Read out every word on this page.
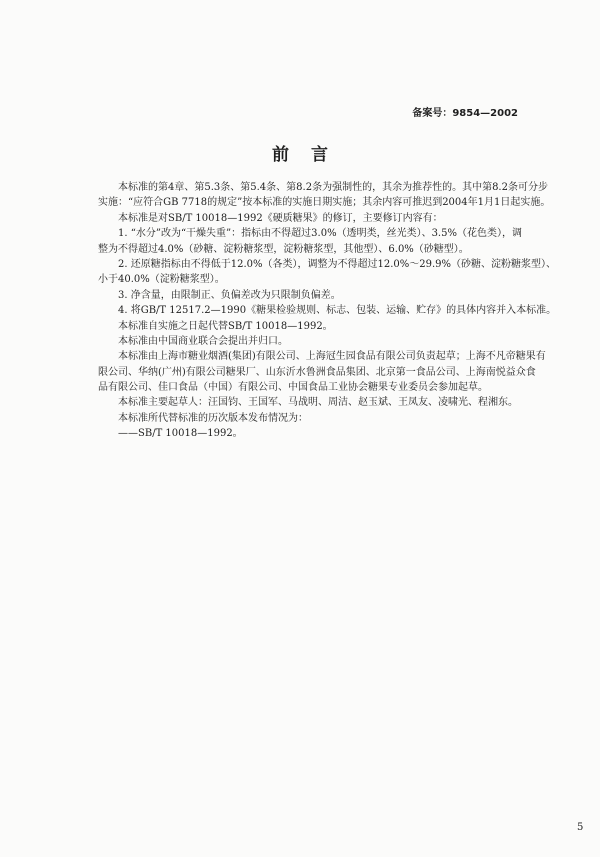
备案号：9854—2002
前言
本标准的第4章、第5.3条、第5.4条、第8.2条为强制性的，其余为推荐性的。其中第8.2条可分步
实施：“应符合GB 7718的规定”按本标准的实施日期实施；其余内容可推迟到2004年1月1日起实施。
本标准是对SB/T 10018—1992《硬质糖果》的修订，主要修订内容有：
1. “水分”改为“干燥失重”：指标由不得超过3.0%（透明类，丝光类）、3.5%（花色类），调
整为不得超过4.0%（砂糖、淀粉糖浆型，淀粉糖浆型，其他型）、6.0%（砂糖型）。
2. 还原糖指标由不得低于12.0%（各类），调整为不得超过12.0%～29.9%（砂糖、淀粉糖浆型）、
小于40.0%（淀粉糖浆型）。
3. 净含量，由限制正、负偏差改为只限制负偏差。
4. 将GB/T 12517.2—1990《糖果检验规则、标志、包装、运输、贮存》的具体内容并入本标准。
本标准自实施之日起代替SB/T 10018—1992。
本标准由中国商业联合会提出并归口。
本标准由上海市糖业烟酒(集团)有限公司、上海冠生园食品有限公司负责起草；上海不凡帝糖果有
限公司、华纳(广州)有限公司糖果厂、山东沂水鲁洲食品集团、北京第一食品公司、上海南悦益众食
品有限公司、佳口食品（中国）有限公司、中国食品工业协会糖果专业委员会参加起草。
本标准主要起草人：汪国钧、王国军、马战明、周洁、赵玉斌、王凤友、凌啸光、程湘东。
本标准所代替标准的历次版本发布情况为：
——SB/T 10018—1992。
5
